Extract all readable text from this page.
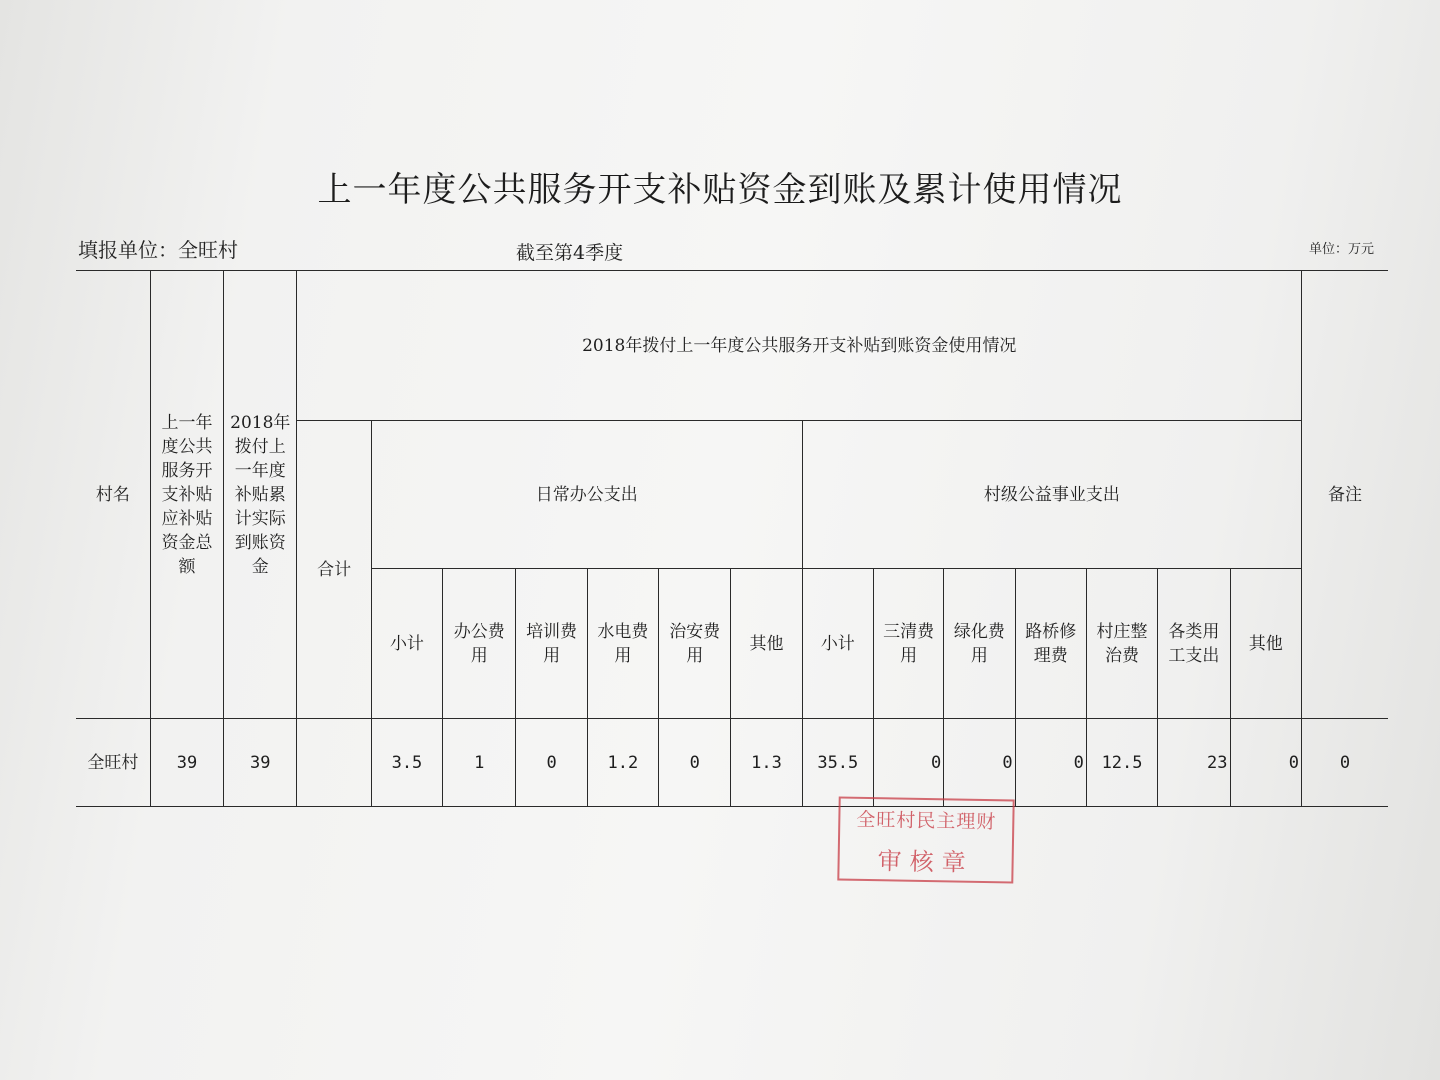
上一年度公共服务开支补贴资金到账及累计使用情况
填报单位：全旺村	截至第4季度	单位：万元
村名	上一年度公共服务开支补贴应补贴资金总额	2018年拨付上一年度补贴累计实际到账资金	2018年拨付上一年度公共服务开支补贴到账资金使用情况														备注
			合计	日常办公支出						村级公益事业支出							
				小计	办公费用	培训费用	水电费用	治安费用	其他	小计	三清费用	绿化费用	路桥修理费	村庄整治费	各类用工支出	其他	
全旺村	39	39		3.5	1	0	1.2	0	1.3	35.5	0	0	0	12.5	23	0	0
全旺村民主理财
审核章
